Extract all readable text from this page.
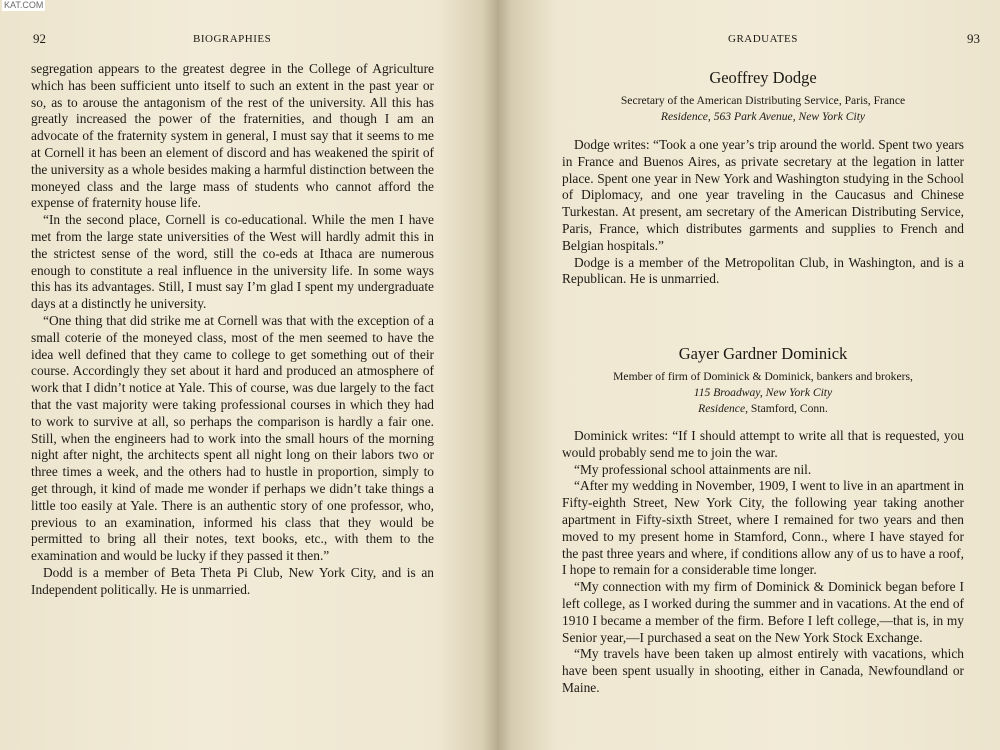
92	BIOGRAPHIES

segregation appears to the greatest degree in the College of Agriculture which has been sufficient unto itself to such an extent in the past year or so, as to arouse the antagonism of the rest of the university. All this has greatly increased the power of the fraternities, and though I am an advocate of the fraternity system in general, I must say that it seems to me at Cornell it has been an element of discord and has weakened the spirit of the university as a whole besides making a harmful distinction between the moneyed class and the large mass of students who cannot afford the expense of fraternity house life.

“In the second place, Cornell is co-educational. While the men I have met from the large state universities of the West will hardly admit this in the strictest sense of the word, still the co-eds at Ithaca are numerous enough to constitute a real influence in the university life. In some ways this has its advantages. Still, I must say I’m glad I spent my undergraduate days at a distinctly he university.

“One thing that did strike me at Cornell was that with the exception of a small coterie of the moneyed class, most of the men seemed to have the idea well defined that they came to college to get something out of their course. Accordingly they set about it hard and produced an atmosphere of work that I didn’t notice at Yale. This of course, was due largely to the fact that the vast majority were taking professional courses in which they had to work to survive at all, so perhaps the comparison is hardly a fair one. Still, when the engineers had to work into the small hours of the morning night after night, the architects spent all night long on their labors two or three times a week, and the others had to hustle in proportion, simply to get through, it kind of made me wonder if perhaps we didn’t take things a little too easily at Yale. There is an authentic story of one professor, who, previous to an examination, informed his class that they would be permitted to bring all their notes, text books, etc., with them to the examination and would be lucky if they passed it then.”

Dodd is a member of Beta Theta Pi Club, New York City, and is an Independent politically. He is unmarried.

GRADUATES	93
Geoffrey Dodge
Secretary of the American Distributing Service, Paris, France
Residence, 563 Park Avenue, New York City

Dodge writes: “Took a one year’s trip around the world. Spent two years in France and Buenos Aires, as private secretary at the legation in latter place. Spent one year in New York and Washington studying in the School of Diplomacy, and one year traveling in the Caucasus and Chinese Turkestan. At present, am secretary of the American Distributing Service, Paris, France, which distributes garments and supplies to French and Belgian hospitals.”

Dodge is a member of the Metropolitan Club, in Washington, and is a Republican. He is unmarried.

Gayer Gardner Dominick
Member of firm of Dominick & Dominick, bankers and brokers,
115 Broadway, New York City
Residence, Stamford, Conn.

Dominick writes: “If I should attempt to write all that is requested, you would probably send me to join the war.

“My professional school attainments are nil.

“After my wedding in November, 1909, I went to live in an apartment in Fifty-eighth Street, New York City, the following year taking another apartment in Fifty-sixth Street, where I remained for two years and then moved to my present home in Stamford, Conn., where I have stayed for the past three years and where, if conditions allow any of us to have a roof, I hope to remain for a considerable time longer.

“My connection with my firm of Dominick & Dominick began before I left college, as I worked during the summer and in vacations. At the end of 1910 I became a member of the firm. Before I left college,—that is, in my Senior year,—I purchased a seat on the New York Stock Exchange.

“My travels have been taken up almost entirely with vacations, which have been spent usually in shooting, either in Canada, Newfoundland or Maine.

KAT.COM
